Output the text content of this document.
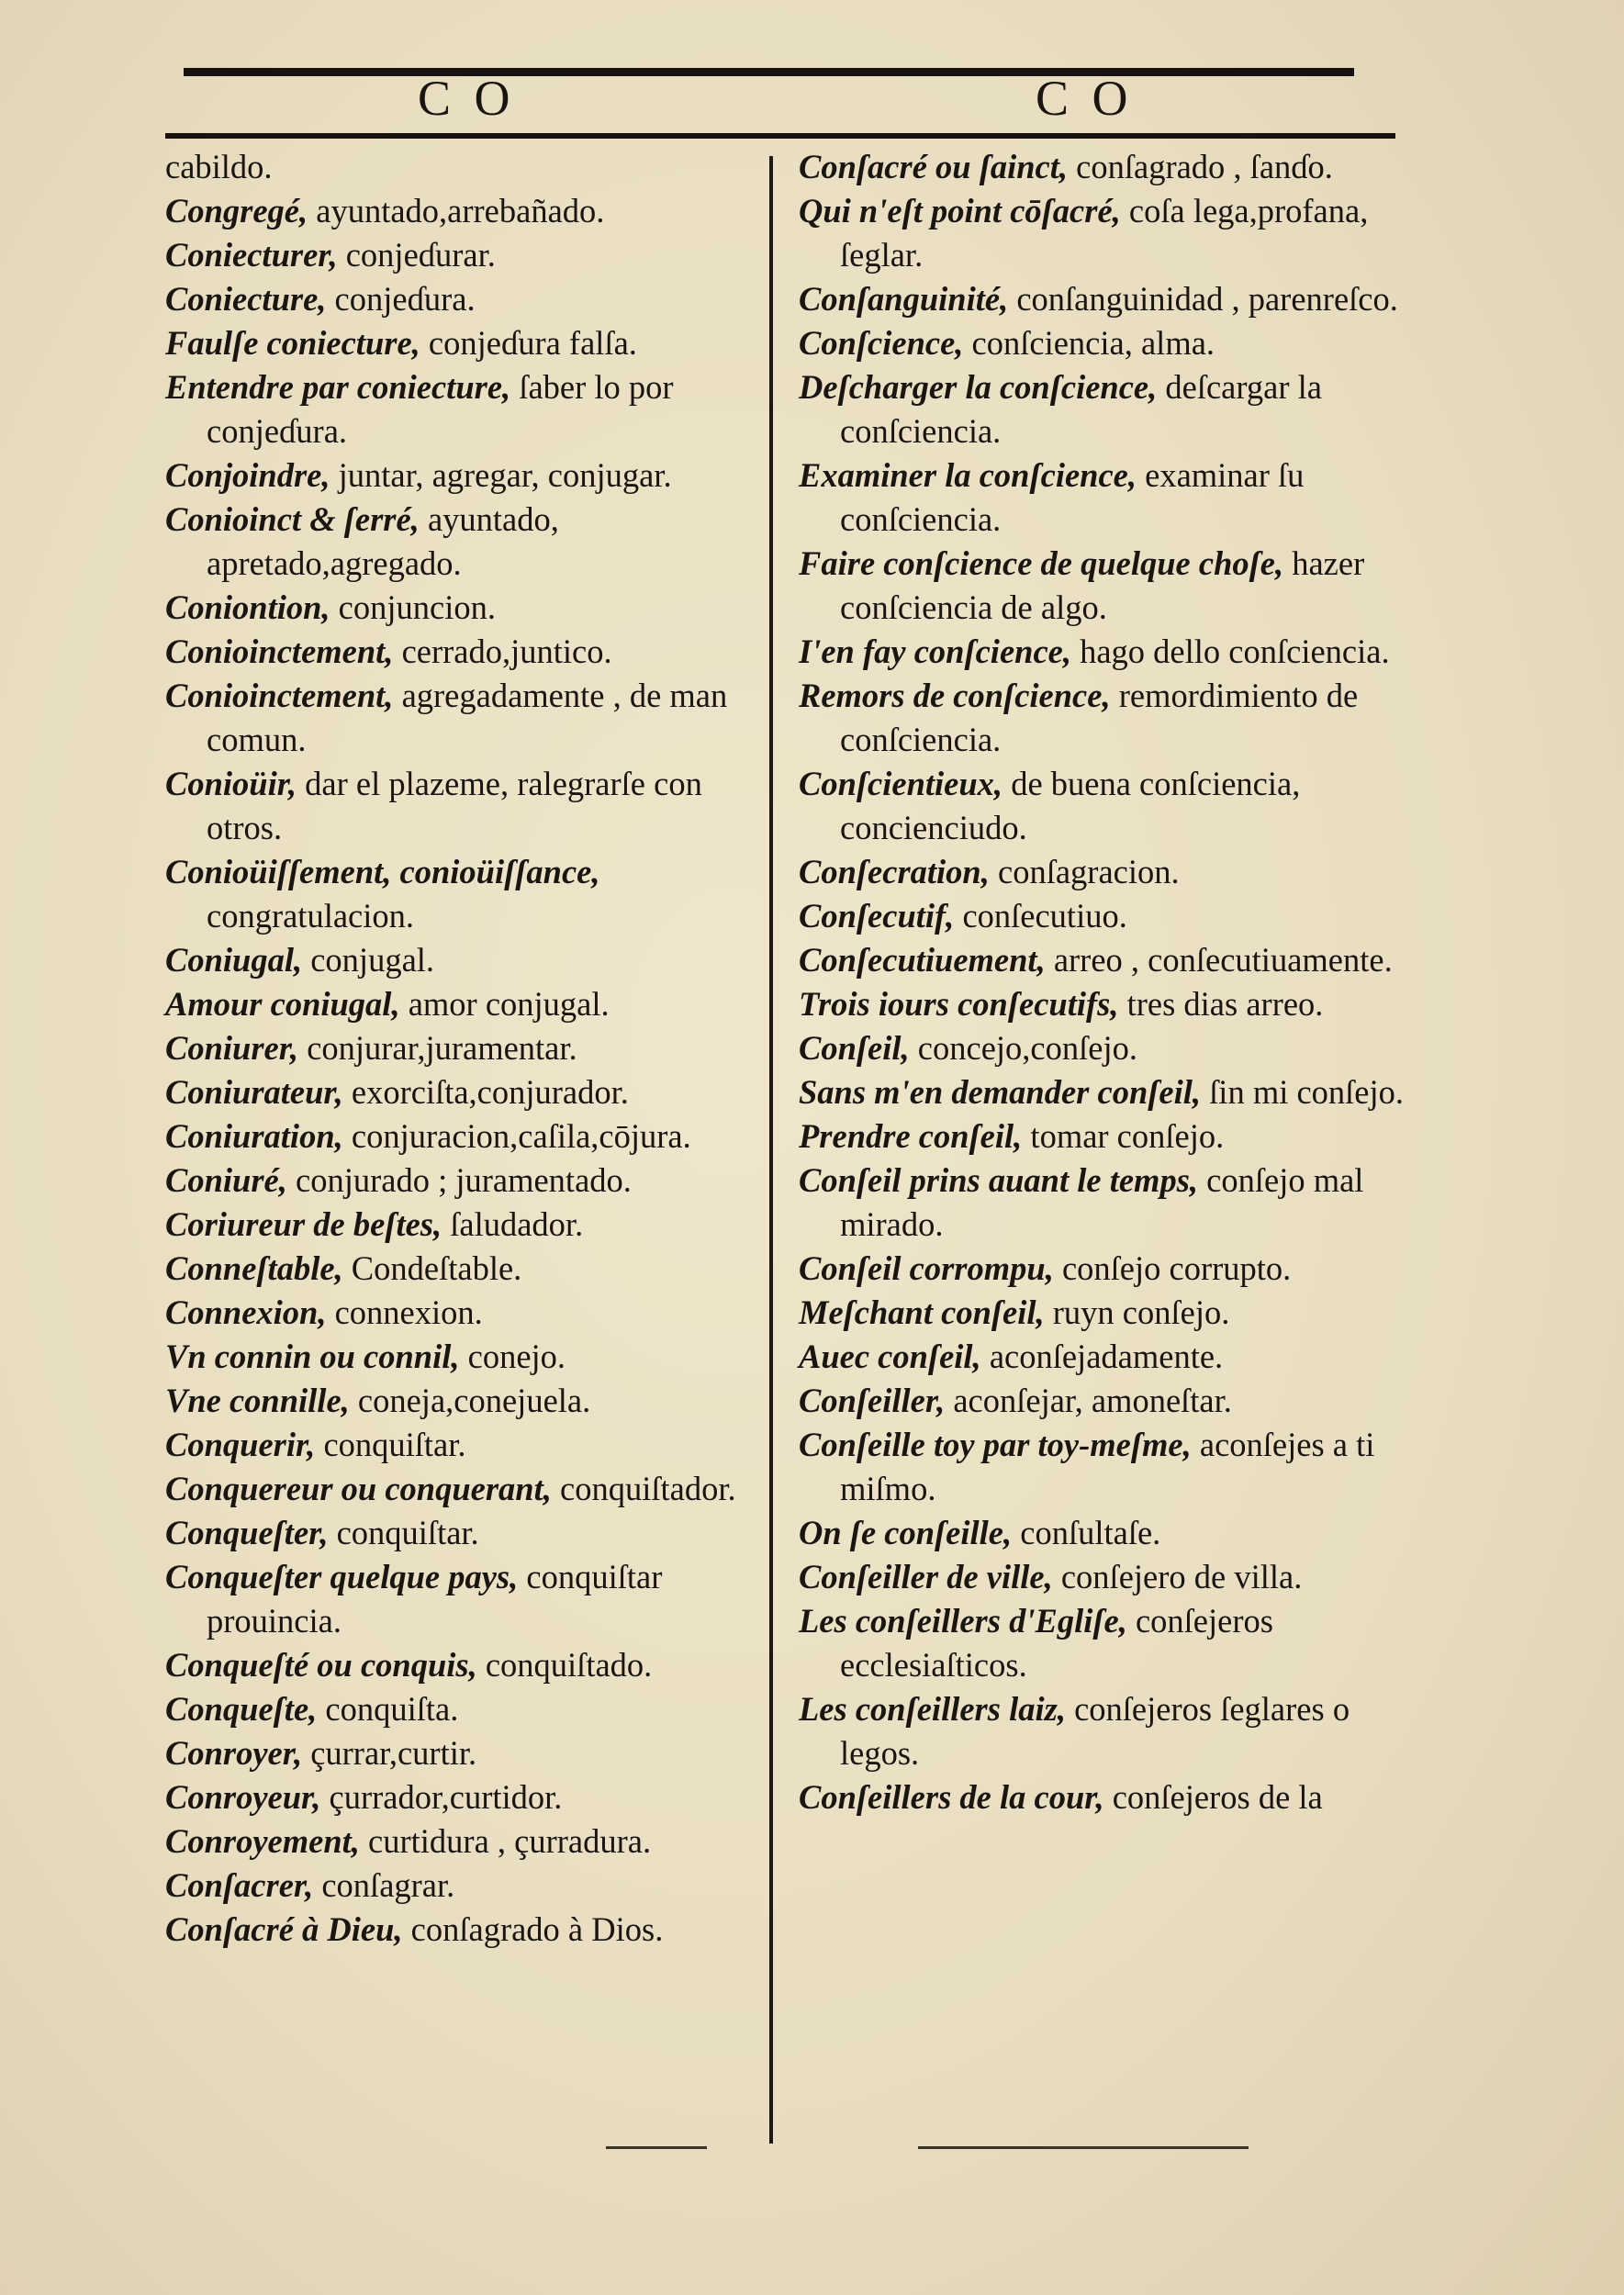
C O	C O

cabildo.

Congregé, ayuntado,arrebañado.

Coniecturer, conjeɗurar.

Coniecture, conjeɗura.

Faulſe coniecture, conjeɗura falſa.

Entendre par coniecture, ſaber lo por conjeɗura.

Conjoindre, juntar, agregar, conjugar.

Conioinct & ſerré, ayuntado, apretado,agregado.

Coniontion, conjuncion.

Conioinctement, cerrado,juntico.

Conioinctement, agregadamente , de man comun.

Conioüir, dar el plazeme, ralegrarſe con otros.

Conioüiſſement, conioüiſſance, congratulacion.

Coniugal, conjugal.

Amour coniugal, amor conjugal.

Coniurer, conjurar,juramentar.

Coniurateur, exorciſta,conjurador.

Coniuration, conjuracion,caſila,cōjura.

Coniuré, conjurado ; juramentado.

Coriureur de beſtes, ſaludador.

Conneſtable, Condeſtable.

Connexion, connexion.

Vn connin ou connil, conejo.

Vne connille, coneja,conejuela.

Conquerir, conquiſtar.

Conquereur ou conquerant, conquiſtador.

Conqueſter, conquiſtar.

Conqueſter quelque pays, conquiſtar prouincia.

Conqueſté ou conquis, conquiſtado.

Conqueſte, conquiſta.

Conroyer, çurrar,curtir.

Conroyeur, çurrador,curtidor.

Conroyement, curtidura , çurradura.

Conſacrer, conſagrar.

Conſacré à Dieu, conſagrado à Dios.

Conſacré ou ſainct, conſagrado , ſanɗo.

Qui n'eſt point cōſacré, coſa lega,profana, ſeglar.

Conſanguinité, conſanguinidad , parenreſco.

Conſcience, conſciencia, alma.

Deſcharger la conſcience, deſcargar la conſciencia.

Examiner la conſcience, examinar ſu conſciencia.

Faire conſcience de quelque choſe, hazer conſciencia de algo.

I'en fay conſcience, hago dello conſciencia.

Remors de conſcience, remordimiento de conſciencia.

Conſcientieux, de buena conſciencia, concienciudo.

Conſecration, conſagracion.

Conſecutif, conſecutiuo.

Conſecutiuement, arreo , conſecutiuamente.

Trois iours conſecutifs, tres dias arreo.

Conſeil, concejo,conſejo.

Sans m'en demander conſeil, ſin mi conſejo.

Prendre conſeil, tomar conſejo.

Conſeil prins auant le temps, conſejo mal mirado.

Conſeil corrompu, conſejo corrupto.

Meſchant conſeil, ruyn conſejo.

Auec conſeil, aconſejadamente.

Conſeiller, aconſejar, amoneſtar.

Conſeille toy par toy-meſme, aconſejes a ti miſmo.

On ſe conſeille, conſultaſe.

Conſeiller de ville, conſejero de villa.

Les conſeillers d'Egliſe, conſejeros ecclesiaſticos.

Les conſeillers laiz, conſejeros ſeglares o legos.

Conſeillers de la cour, conſejeros de la
